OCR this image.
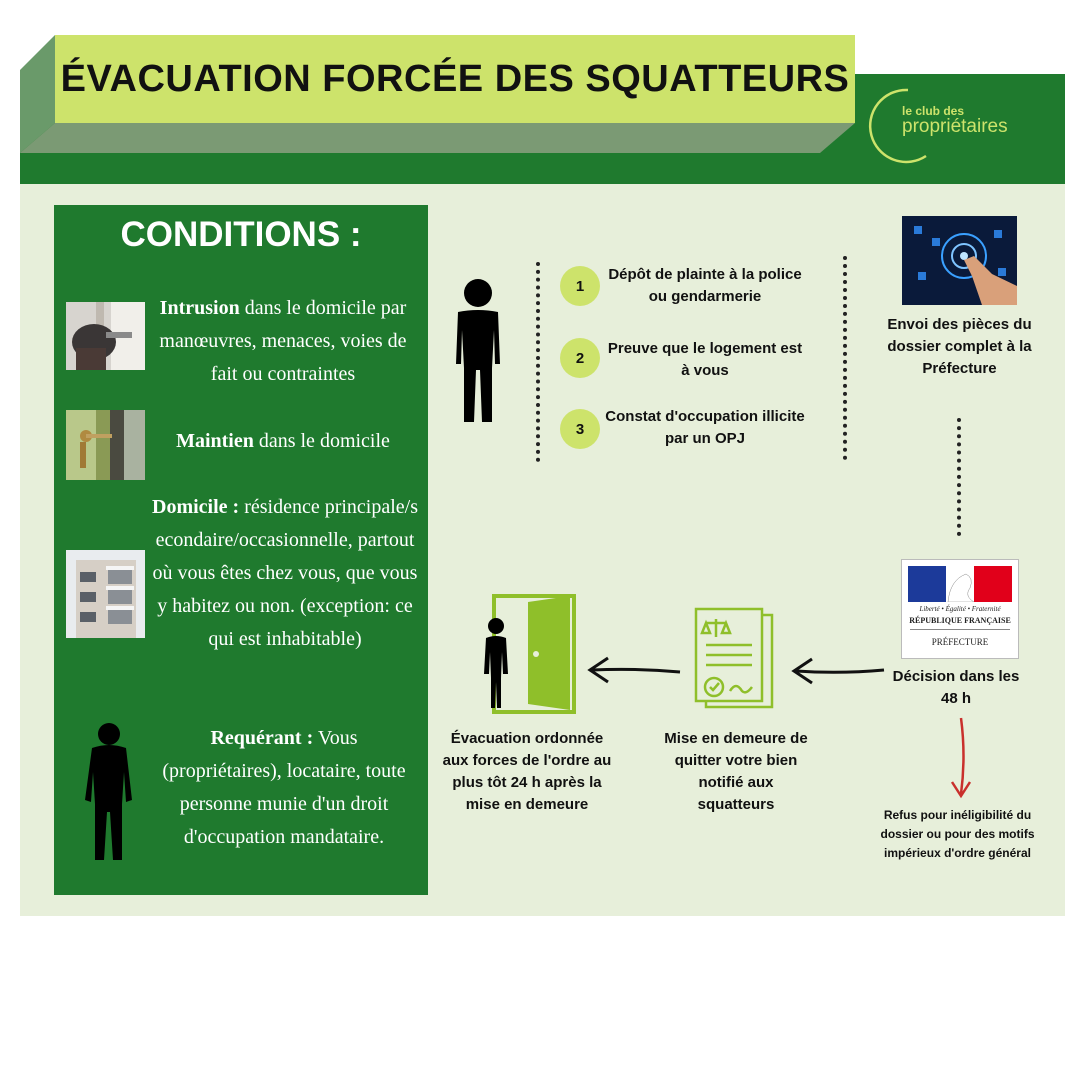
ÉVACUATION FORCÉE DES SQUATTEURS
le club des
propriétaires
CONDITIONS :
Intrusion dans le domicile par manœuvres, menaces, voies de fait ou contraintes
Maintien dans le domicile
Domicile : résidence principale/secondaire/occasionnelle, partout où vous êtes chez vous, que vous y habitez ou non. (exception: ce qui est inhabitable)
Requérant : Vous (propriétaires), locataire, toute personne munie d'un droit d'occupation mandataire.
1
Dépôt de plainte à la police ou gendarmerie
2
Preuve que le logement est à vous
3
Constat d'occupation illicite par un OPJ
Envoi des pièces du dossier complet à la Préfecture
Liberté • Égalité • Fraternité
RÉPUBLIQUE FRANÇAISE
PRÉFECTURE
Décision dans les 48 h
Refus pour inéligibilité du dossier ou pour des motifs impérieux d'ordre général
Mise en demeure de quitter votre bien notifié aux squatteurs
Évacuation ordonnée aux forces de l'ordre au plus tôt 24 h après la mise en demeure
